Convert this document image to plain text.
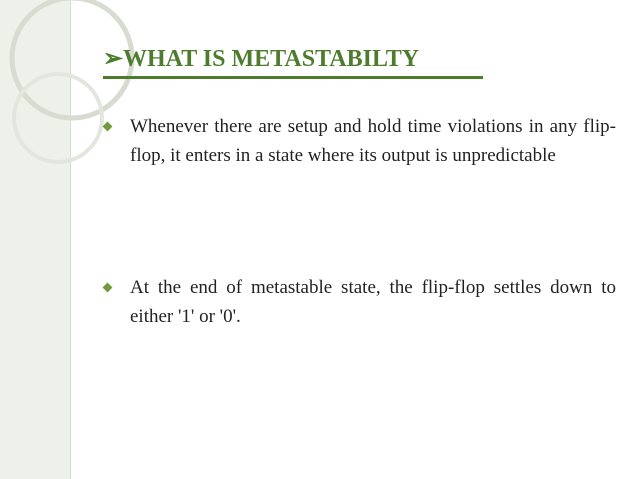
➢WHAT IS METASTABILTY
Whenever there are setup and hold time violations in any flip-flop, it enters in a state where its output is unpredictable
At the end of metastable state, the flip-flop settles down to either '1' or '0'.
